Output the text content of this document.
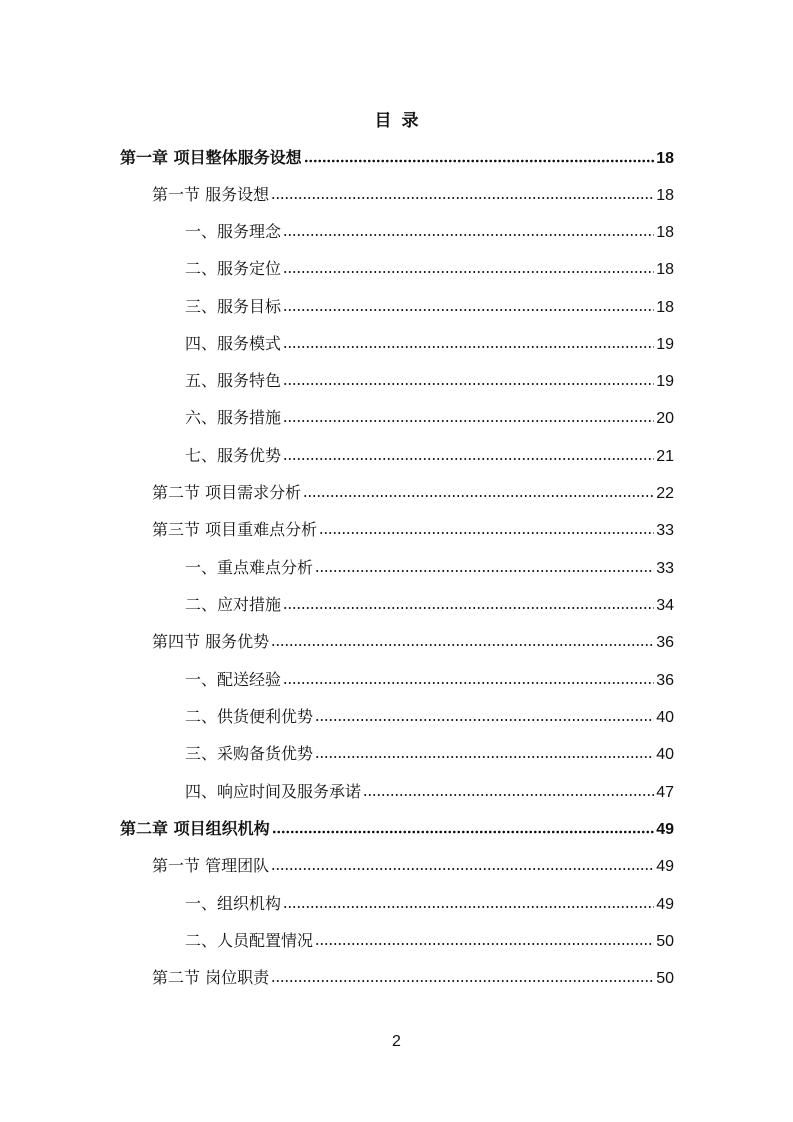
目录
第一章 项目整体服务设想	18
第一节 服务设想	18
一、服务理念	18
二、服务定位	18
三、服务目标	18
四、服务模式	19
五、服务特色	19
六、服务措施	20
七、服务优势	21
第二节 项目需求分析	22
第三节 项目重难点分析	33
一、重点难点分析	33
二、应对措施	34
第四节 服务优势	36
一、配送经验	36
二、供货便利优势	40
三、采购备货优势	40
四、响应时间及服务承诺	47
第二章 项目组织机构	49
第一节 管理团队	49
一、组织机构	49
二、人员配置情况	50
第二节 岗位职责	50
2
